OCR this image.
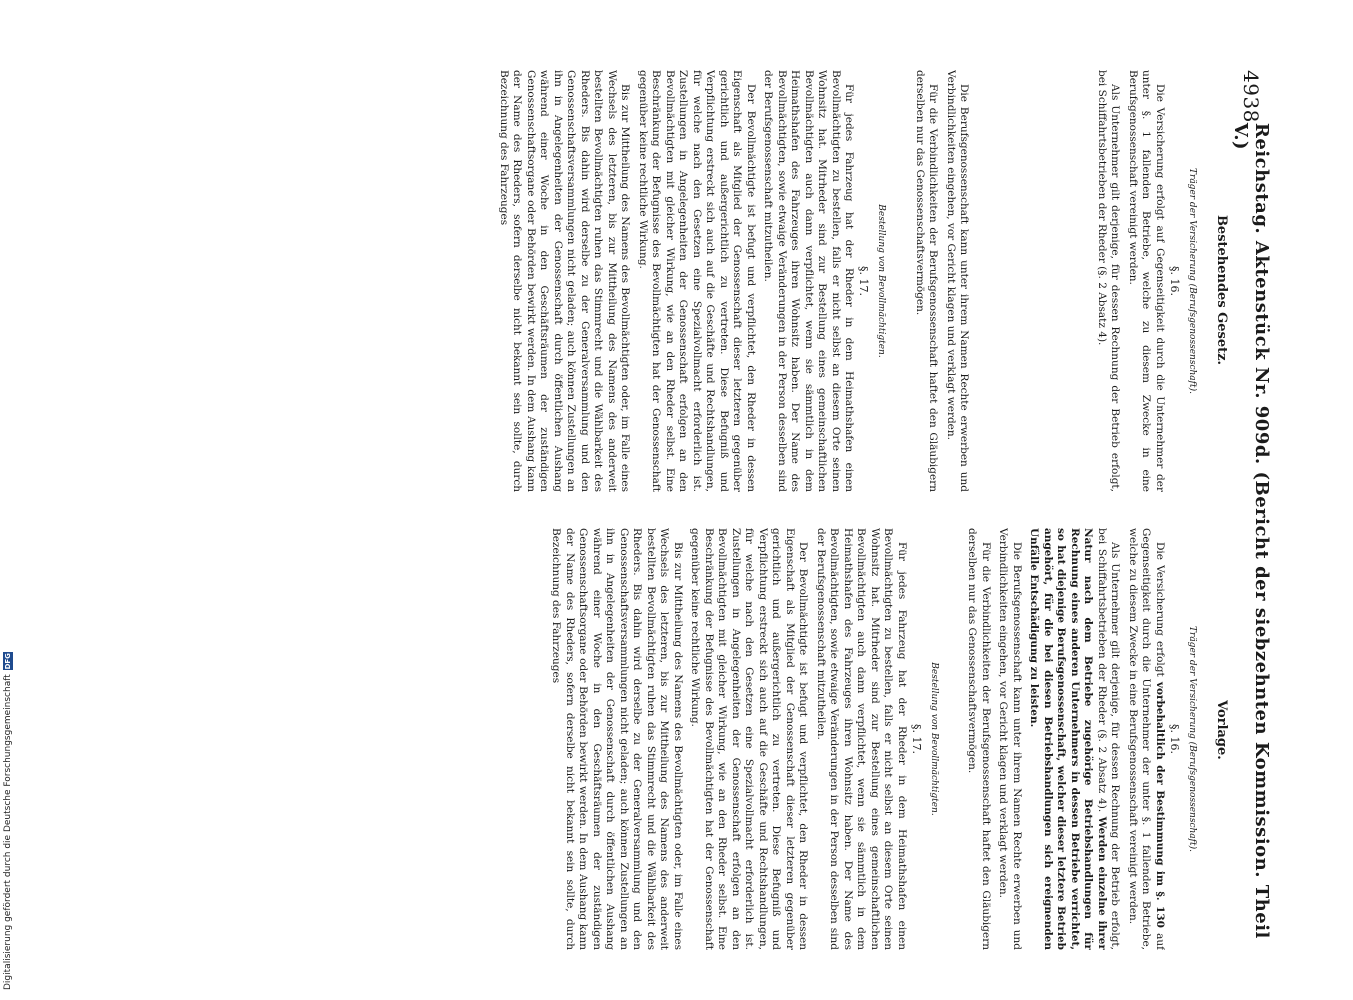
4938
Reichstag. Aktenstück Nr. 909d. (Bericht der siebzehnten Kommission. Theil V.)
Bestehendes Gesetz.
Vorlage.
Träger der Versicherung (Berufsgenossenschaft).
§. 16.

Die Versicherung erfolgt auf Gegenseitigkeit durch die Unternehmer der unter §. 1 fallenden Betriebe, welche zu diesem Zwecke in eine Berufsgenossenschaft vereinigt werden.

Als Unternehmer gilt derjenige, für dessen Rechnung der Betrieb erfolgt, bei Schiffahrtsbetrieben der Rheder (§. 2 Absatz 4).

Die Berufsgenossenschaft kann unter ihrem Namen Rechte erwerben und Verbindlichkeiten eingehen, vor Gericht klagen und verklagt werden.

Für die Verbindlichkeiten der Berufsgenossenschaft haftet den Gläubigern derselben nur das Genossenschaftsvermögen.

Bestellung von Bevollmächtigten.
§. 17.

Für jedes Fahrzeug hat der Rheder in dem Heimathshafen einen Bevollmächtigten zu bestellen, falls er nicht selbst an diesem Orte seinen Wohnsitz hat. Mitrheder sind zur Bestellung eines gemeinschaftlichen Bevollmächtigten auch dann verpflichtet, wenn sie sämmtlich in dem Heimathshafen des Fahrzeuges ihren Wohnsitz haben. Der Name des Bevollmächtigten, sowie etwaige Veränderungen in der Person desselben sind der Berufsgenossenschaft mitzutheilen.

Der Bevollmächtigte ist befugt und verpflichtet, den Rheder in dessen Eigenschaft als Mitglied der Genossenschaft dieser letzteren gegenüber gerichtlich und außergerichtlich zu vertreten. Diese Befugniß und Verpflichtung erstreckt sich auch auf die Geschäfte und Rechtshandlungen, für welche nach den Gesetzen eine Spezialvollmacht erforderlich ist. Zustellungen in Angelegenheiten der Genossenschaft erfolgen an den Bevollmächtigten mit gleicher Wirkung, wie an den Rheder selbst. Eine Beschränkung der Befugnisse des Bevollmächtigten hat der Genossenschaft gegenüber keine rechtliche Wirkung.

Bis zur Mittheilung des Namens des Bevollmächtigten oder, im Falle eines Wechsels des letzteren, bis zur Mittheilung des Namens des anderweit bestellten Bevollmächtigten ruhen das Stimmrecht und die Wählbarkeit des Rheders. Bis dahin wird derselbe zu der Generalversammlung und den Genossenschaftsversammlungen nicht geladen; auch können Zustellungen an ihn in Angelegenheiten der Genossenschaft durch öffentlichen Aushang während einer Woche in den Geschäftsräumen der zuständigen Genossenschaftsorgane oder Behörden bewirkt werden. In dem Aushang kann der Name des Rheders, sofern derselbe nicht bekannt sein sollte, durch Bezeichnung des Fahrzeuges

Träger der Versicherung (Berufsgenossenschaft).
§. 16.

Die Versicherung erfolgt vorbehaltlich der Bestimmung im §. 130 auf Gegenseitigkeit durch die Unternehmer der unter §. 1 fallenden Betriebe, welche zu diesem Zwecke in eine Berufsgenossenschaft vereinigt werden.

Als Unternehmer gilt derjenige, für dessen Rechnung der Betrieb erfolgt, bei Schiffahrtsbetrieben der Rheder (§. 2 Absatz 4). Werden einzelne ihrer Natur nach dem Betriebe zugehörige Betriebshandlungen für Rechnung eines anderen Unternehmers in dessen Betriebe verrichtet, so hat diejenige Berufsgenossenschaft, welcher dieser letztere Betrieb angehört, für die bei diesen Betriebshandlungen sich ereignenden Unfälle Entschädigung zu leisten.

Die Berufsgenossenschaft kann unter ihrem Namen Rechte erwerben und Verbindlichkeiten eingehen, vor Gericht klagen und verklagt werden.

Für die Verbindlichkeiten der Berufsgenossenschaft haftet den Gläubigern derselben nur das Genossenschaftsvermögen.

Bestellung von Bevollmächtigten.
§. 17.

Für jedes Fahrzeug hat der Rheder in dem Heimathshafen einen Bevollmächtigten zu bestellen, falls er nicht selbst an diesem Orte seinen Wohnsitz hat. Mitrheder sind zur Bestellung eines gemeinschaftlichen Bevollmächtigten auch dann verpflichtet, wenn sie sämmtlich in dem Heimathshafen des Fahrzeuges ihren Wohnsitz haben. Der Name des Bevollmächtigten, sowie etwaige Veränderungen in der Person desselben sind der Berufsgenossenschaft mitzutheilen.

Der Bevollmächtigte ist befugt und verpflichtet, den Rheder in dessen Eigenschaft als Mitglied der Genossenschaft dieser letzteren gegenüber gerichtlich und außergerichtlich zu vertreten. Diese Befugniß und Verpflichtung erstreckt sich auch auf die Geschäfte und Rechtshandlungen, für welche nach den Gesetzen eine Spezialvollmacht erforderlich ist. Zustellungen in Angelegenheiten der Genossenschaft erfolgen an den Bevollmächtigten mit gleicher Wirkung, wie an den Rheder selbst. Eine Beschränkung der Befugnisse des Bevollmächtigten hat der Genossenschaft gegenüber keine rechtliche Wirkung.

Bis zur Mittheilung des Namens des Bevollmächtigten oder, im Falle eines Wechsels des letzteren, bis zur Mittheilung des Namens des anderweit bestellten Bevollmächtigten ruhen das Stimmrecht und die Wählbarkeit des Rheders. Bis dahin wird derselbe zu der Generalversammlung und den Genossenschaftsversammlungen nicht geladen; auch können Zustellungen an ihn in Angelegenheiten der Genossenschaft durch öffentlichen Aushang während einer Woche in den Geschäftsräumen der zuständigen Genossenschaftsorgane oder Behörden bewirkt werden. In dem Aushang kann der Name des Rheders, sofern derselbe nicht bekannt sein sollte, durch Bezeichnung des Fahrzeuges

Digitalisierung gefördert durch die Deutsche Forschungsgemeinschaft
DFG
